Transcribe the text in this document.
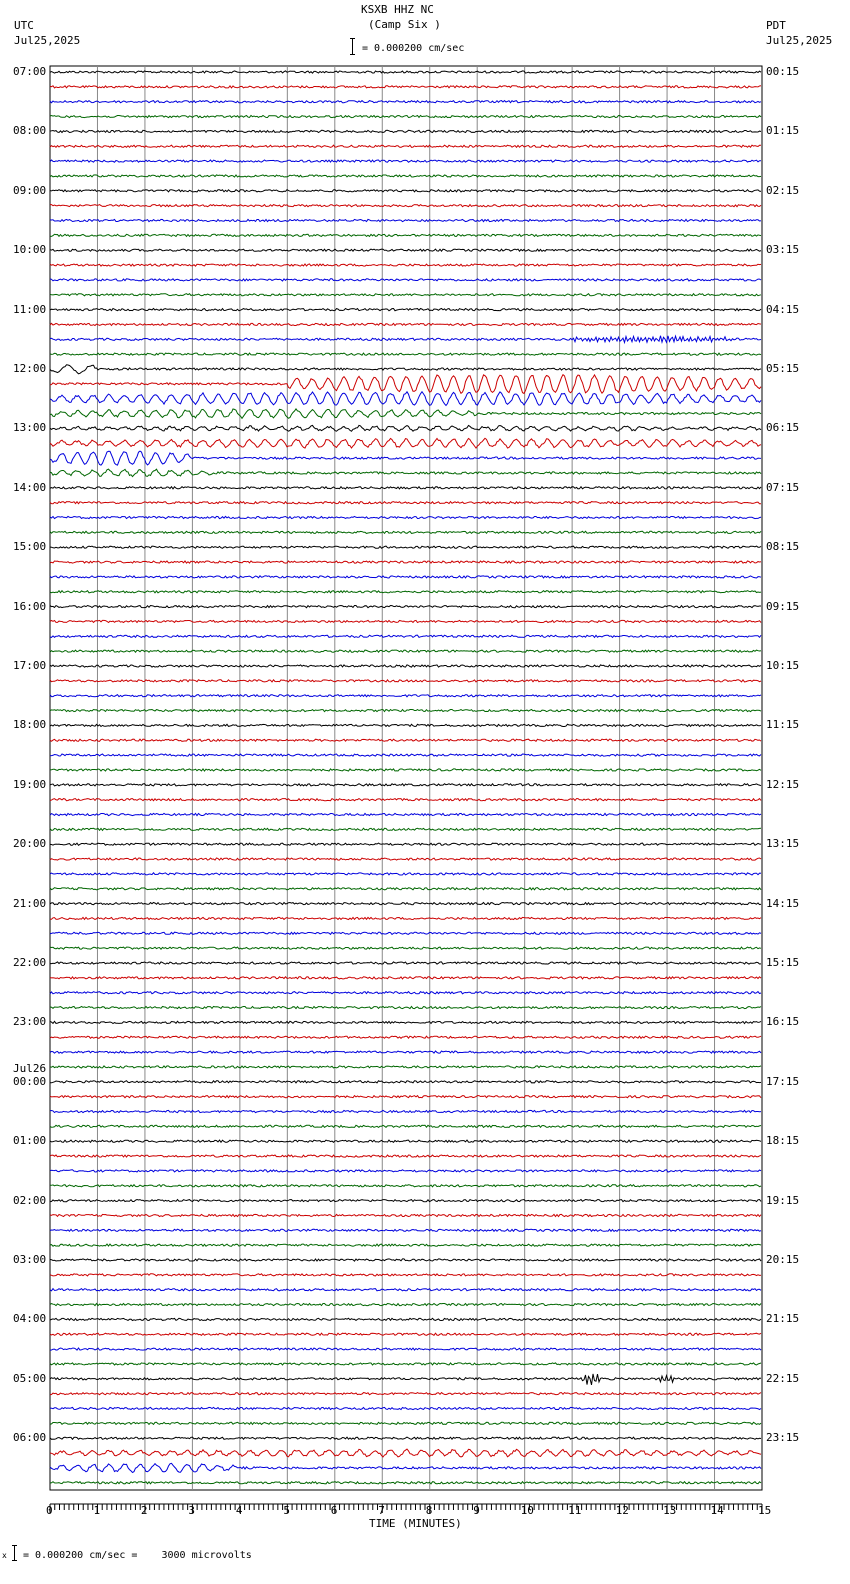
KSXB HHZ NC
(Camp Six )
UTC
Jul25,2025
PDT
Jul25,2025
= 0.000200 cm/sec
0	1	2	3	4	5	6	7	8	9	10	11	12	13	14	15
07:00	00:15
08:00	01:15
09:00	02:15
10:00	03:15
11:00	04:15
12:00	05:15
13:00	06:15
14:00	07:15
15:00	08:15
16:00	09:15
17:00	10:15
18:00	11:15
19:00	12:15
20:00	13:15
21:00	14:15
22:00	15:15
23:00	16:15
00:00	17:15
Jul26
01:00	18:15
02:00	19:15
03:00	20:15
04:00	21:15
05:00	22:15
06:00	23:15
TIME (MINUTES)
x = 0.000200 cm/sec =    3000 microvolts
